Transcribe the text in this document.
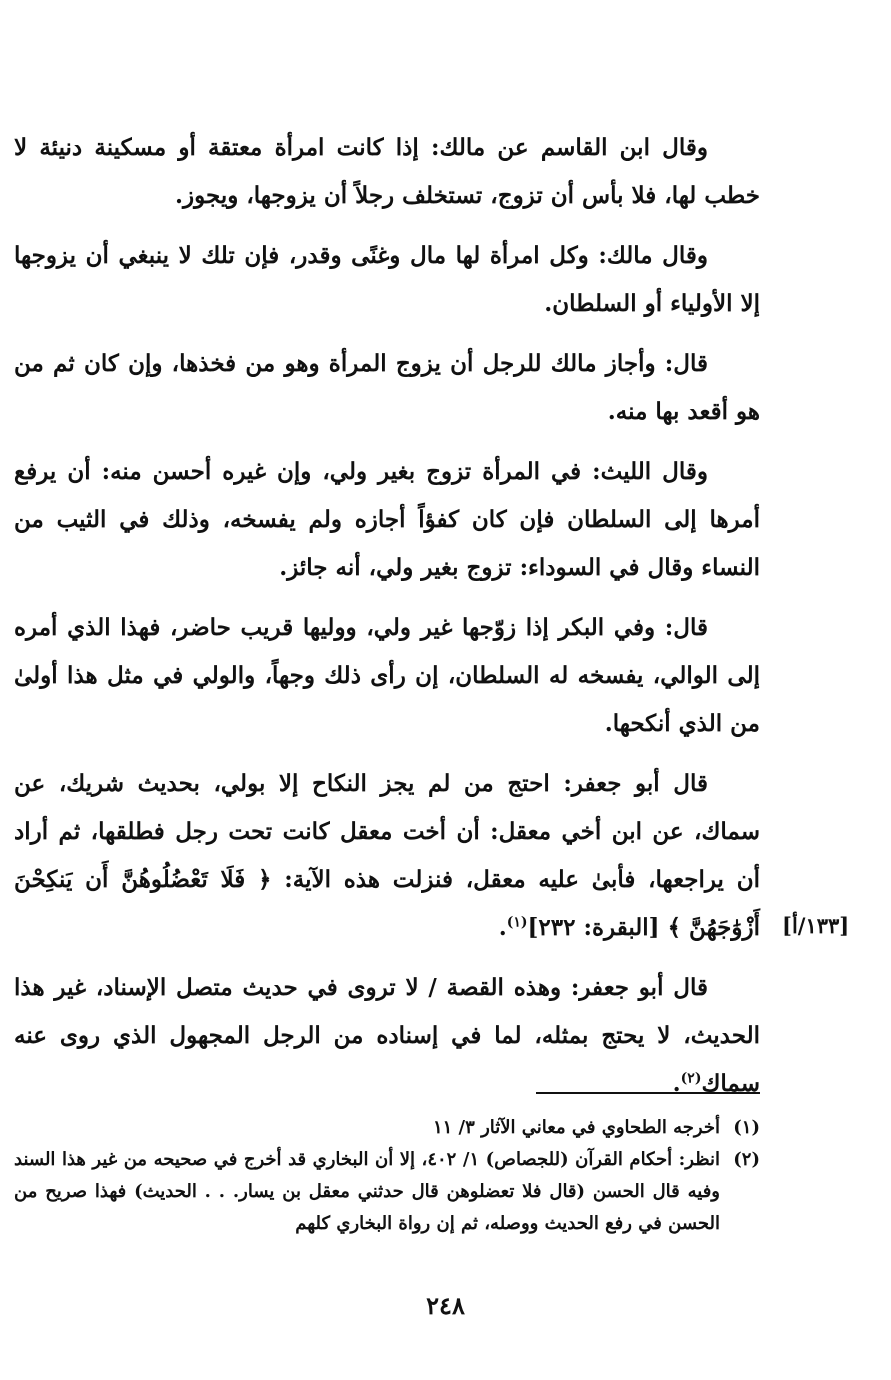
وقال ابن القاسم عن مالك: إذا كانت امرأة معتقة أو مسكينة دنيئة لا خطب لها، فلا بأس أن تزوج، تستخلف رجلاً أن يزوجها، ويجوز.

وقال مالك: وكل امرأة لها مال وغنًى وقدر، فإن تلك لا ينبغي أن يزوجها إلا الأولياء أو السلطان.

قال: وأجاز مالك للرجل أن يزوج المرأة وهو من فخذها، وإن كان ثم من هو أقعد بها منه.

وقال الليث: في المرأة تزوج بغير ولي، وإن غيره أحسن منه: أن يرفع أمرها إلى السلطان فإن كان كفؤاً أجازه ولم يفسخه، وذلك في الثيب من النساء وقال في السوداء: تزوج بغير ولي، أنه جائز.

قال: وفي البكر إذا زوّجها غير ولي، ووليها قريب حاضر، فهذا الذي أمره إلى الوالي، يفسخه له السلطان، إن رأى ذلك وجهاً، والولي في مثل هذا أولىٰ من الذي أنكحها.

قال أبو جعفر: احتج من لم يجز النكاح إلا بولي، بحديث شريك، عن سماك، عن ابن أخي معقل: أن أخت معقل كانت تحت رجل فطلقها، ثم أراد أن يراجعها، فأبىٰ عليه معقل، فنزلت هذه الآية: ﴿ فَلَا تَعْضُلُوهُنَّ أَن يَنكِحْنَ أَزْوَٰجَهُنَّ ﴾ [البقرة: ٢٣٢]$^{(١)}$.

قال أبو جعفر: وهذه القصة / لا تروى في حديث متصل الإسناد، غير هذا الحديث، لا يحتج بمثله، لما في إسناده من الرجل المجهول الذي روى عنه سماك$^{(٢)}$.

[١٣٣/أ]
(١)
أخرجه الطحاوي في معاني الآثار ٣/ ١١
(٢)
انظر: أحكام القرآن (للجصاص) ١/ ٤٠٢، إلا أن البخاري قد أخرج في صحيحه من غير هذا السند وفيه قال الحسن (قال فلا تعضلوهن قال حدثني معقل بن يسار. . . الحديث) فهذا صريح من الحسن في رفع الحديث ووصله، ثم إن رواة البخاري كلهم
٢٤٨
